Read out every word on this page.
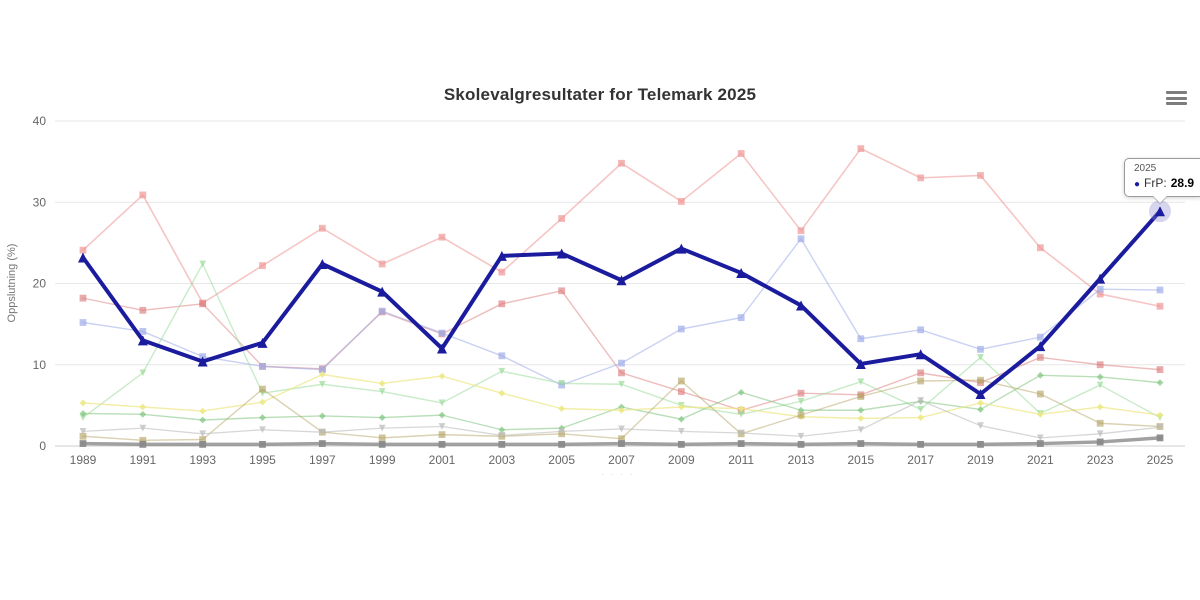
Skolevalgresultater for Telemark 2025
0
10
20
30
40
Oppslutning (%)
1989	1991	1993	1995	1997	1999	2001	2003	2005	2007	2009	2011	2013	2015	2017	2019	2021	2023	2025
· · · ·
2025
● FrP: 28.9
